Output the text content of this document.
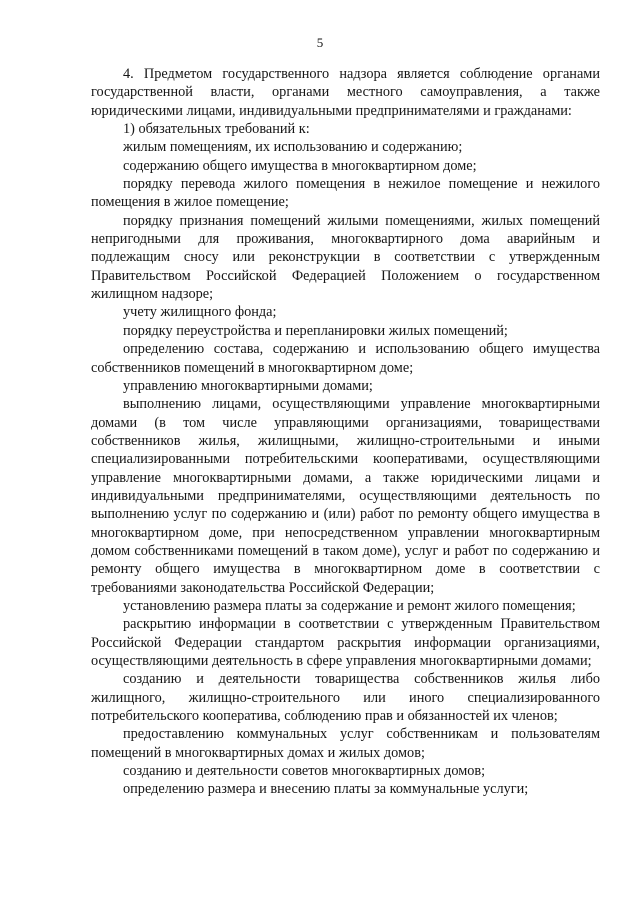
5

4. Предметом государственного надзора является соблюдение органами государственной власти, органами местного самоуправления, а также юридическими лицами, индивидуальными предпринимателями и гражданами:

1) обязательных требований к:

жилым помещениям, их использованию и содержанию;

содержанию общего имущества в многоквартирном доме;

порядку перевода жилого помещения в нежилое помещение и нежилого помещения в жилое помещение;

порядку признания помещений жилыми помещениями, жилых помещений непригодными для проживания, многоквартирного дома аварийным и подлежащим сносу или реконструкции в соответствии с утвержденным Правительством Российской Федерацией Положением о государственном жилищном надзоре;

учету жилищного фонда;

порядку переустройства и перепланировки жилых помещений;

определению состава, содержанию и использованию общего имущества собственников помещений в многоквартирном доме;

управлению многоквартирными домами;

выполнению лицами, осуществляющими управление многоквартирными домами (в том числе управляющими организациями, товариществами собственников жилья, жилищными, жилищно-строительными и иными специализированными потребительскими кооперативами, осуществляющими управление многоквартирными домами, а также юридическими лицами и индивидуальными предпринимателями, осуществляющими деятельность по выполнению услуг по содержанию и (или) работ по ремонту общего имущества в многоквартирном доме, при непосредственном управлении многоквартирным домом собственниками помещений в таком доме), услуг и работ по содержанию и ремонту общего имущества в многоквартирном доме в соответствии с требованиями законодательства Российской Федерации;

установлению размера платы за содержание и ремонт жилого помещения;

раскрытию информации в соответствии с утвержденным Правительством Российской Федерации стандартом раскрытия информации организациями, осуществляющими деятельность в сфере управления многоквартирными домами;

созданию и деятельности товарищества собственников жилья либо жилищного, жилищно-строительного или иного специализированного потребительского кооператива, соблюдению прав и обязанностей их членов;

предоставлению коммунальных услуг собственникам и пользователям помещений в многоквартирных домах и жилых домов;

созданию и деятельности советов многоквартирных домов;

определению размера и внесению платы за коммунальные услуги;
